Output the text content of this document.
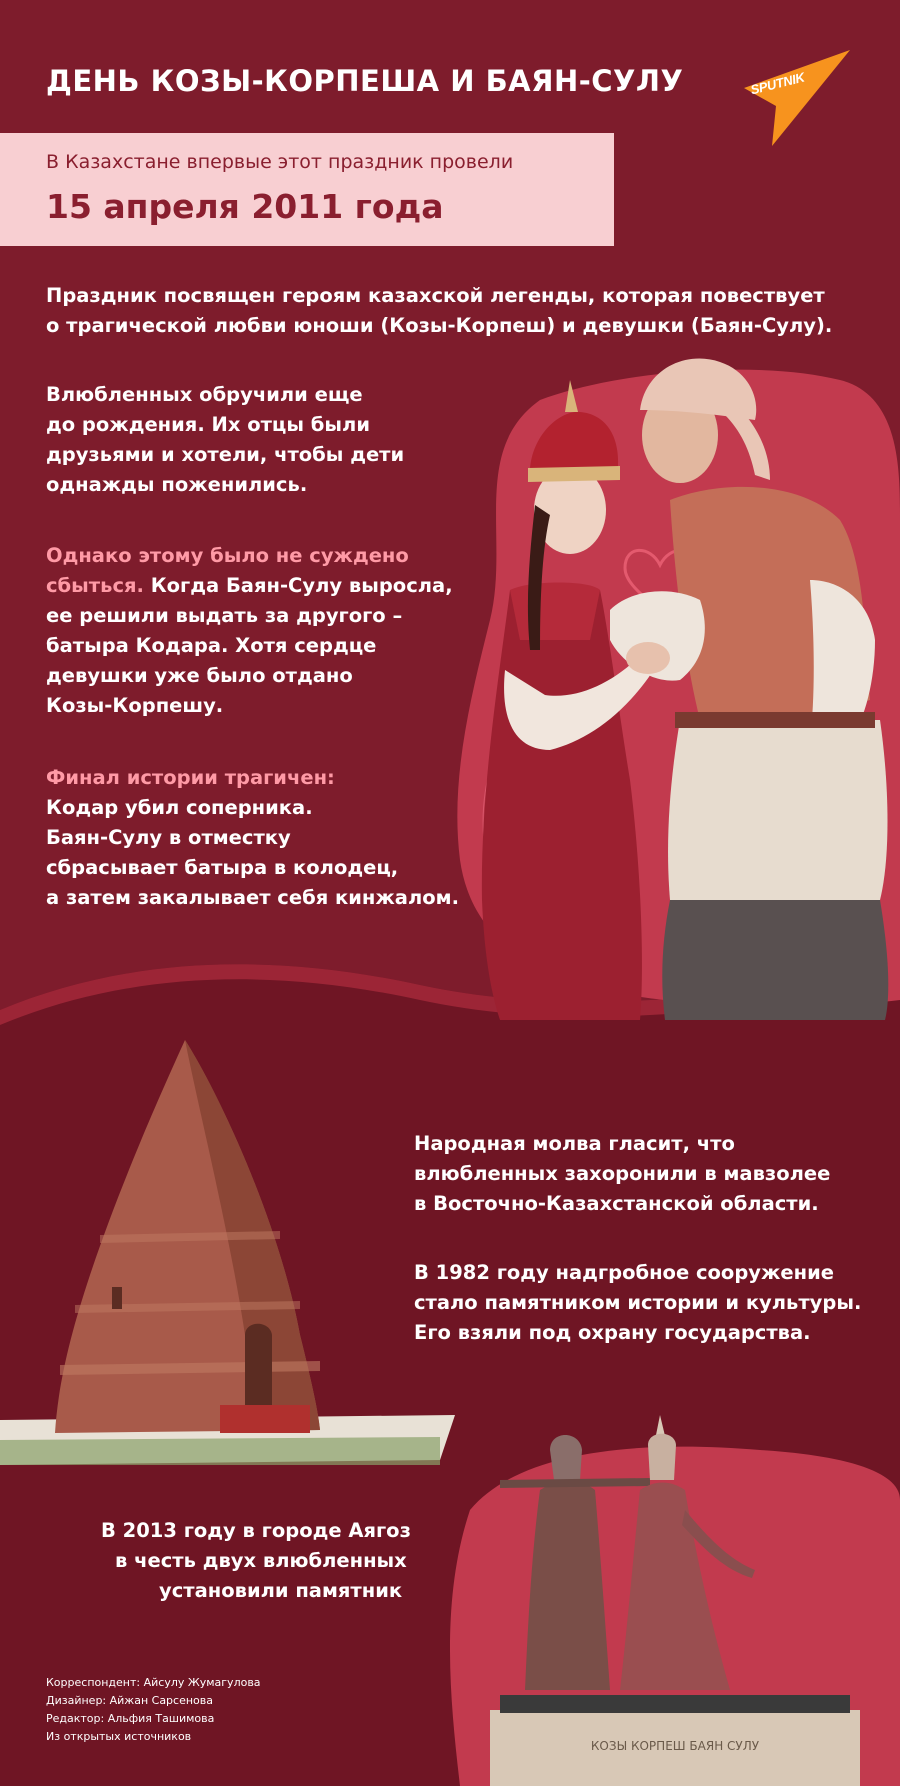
ДЕНЬ КОЗЫ-КОРПЕША И БАЯН-СУЛУ	SPUTNIK
В Казахстане впервые этот праздник провели
15 апреля 2011 года
Праздник посвящен героям казахской легенды, которая повествует
о трагической любви юноши (Козы-Корпеш) и девушки (Баян-Сулу).
Влюбленных обручили еще
до рождения. Их отцы были
друзьями и хотели, чтобы дети
однажды поженились.
Однако этому было не суждено
сбыться. Когда Баян-Сулу выросла,
ее решили выдать за другого –
батыра Кодара. Хотя сердце
девушки уже было отдано
Козы-Корпешу.
Финал истории трагичен:
Кодар убил соперника.
Баян-Сулу в отместку
сбрасывает батыра в колодец,
а затем закалывает себя кинжалом.
Народная молва гласит, что
влюбленных захоронили в мавзолее
в Восточно-Казахстанской области.
В 1982 году надгробное сооружение
стало памятником истории и культуры.
Его взяли под охрану государства.
В 2013 году в городе Аягоз
в честь двух влюбленных
установили памятник
КОЗЫ КОРПЕШ БАЯН СУЛУ
Корреспондент: Айсулу Жумагулова
Дизайнер: Айжан Сарсенова
Редактор: Альфия Ташимова
Из открытых источников
